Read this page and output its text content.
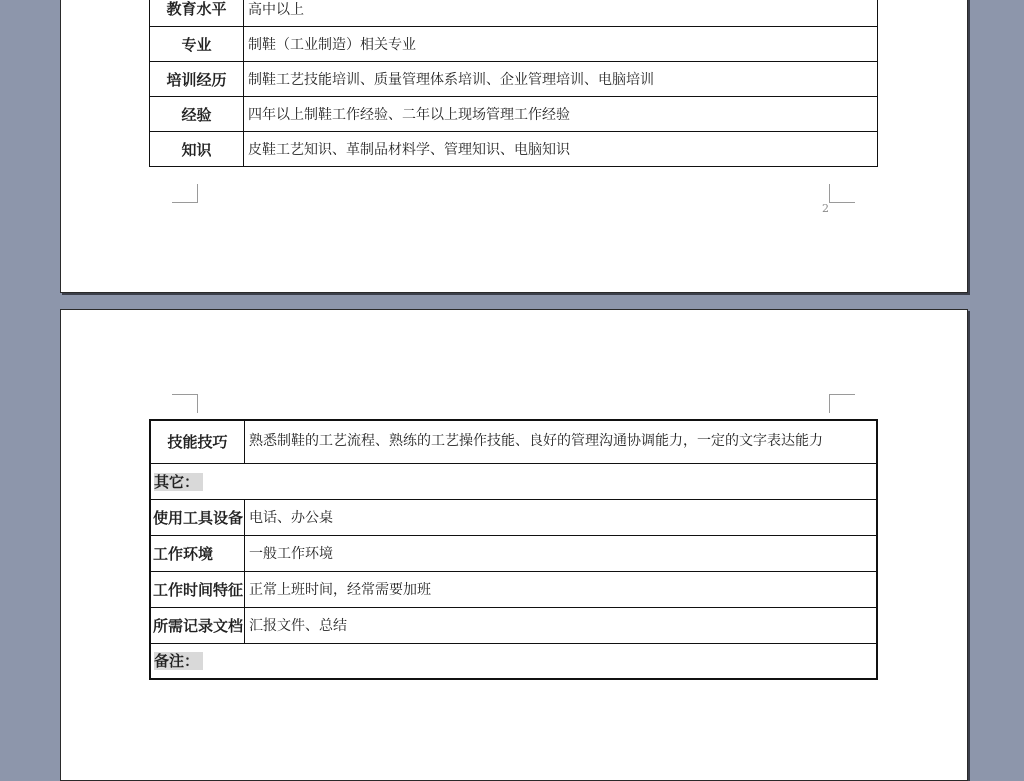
教育水平	高中以上
专业	制鞋（工业制造）相关专业
培训经历	制鞋工艺技能培训、质量管理体系培训、企业管理培训、电脑培训
经验	四年以上制鞋工作经验、二年以上现场管理工作经验
知识	皮鞋工艺知识、革制品材料学、管理知识、电脑知识
2
技能技巧	熟悉制鞋的工艺流程、熟练的工艺操作技能、良好的管理沟通协调能力，一定的文字表达能力
其它：	
使用工具设备	电话、办公桌
工作环境	一般工作环境
工作时间特征	正常上班时间，经常需要加班
所需记录文档	汇报文件、总结
备注：	
